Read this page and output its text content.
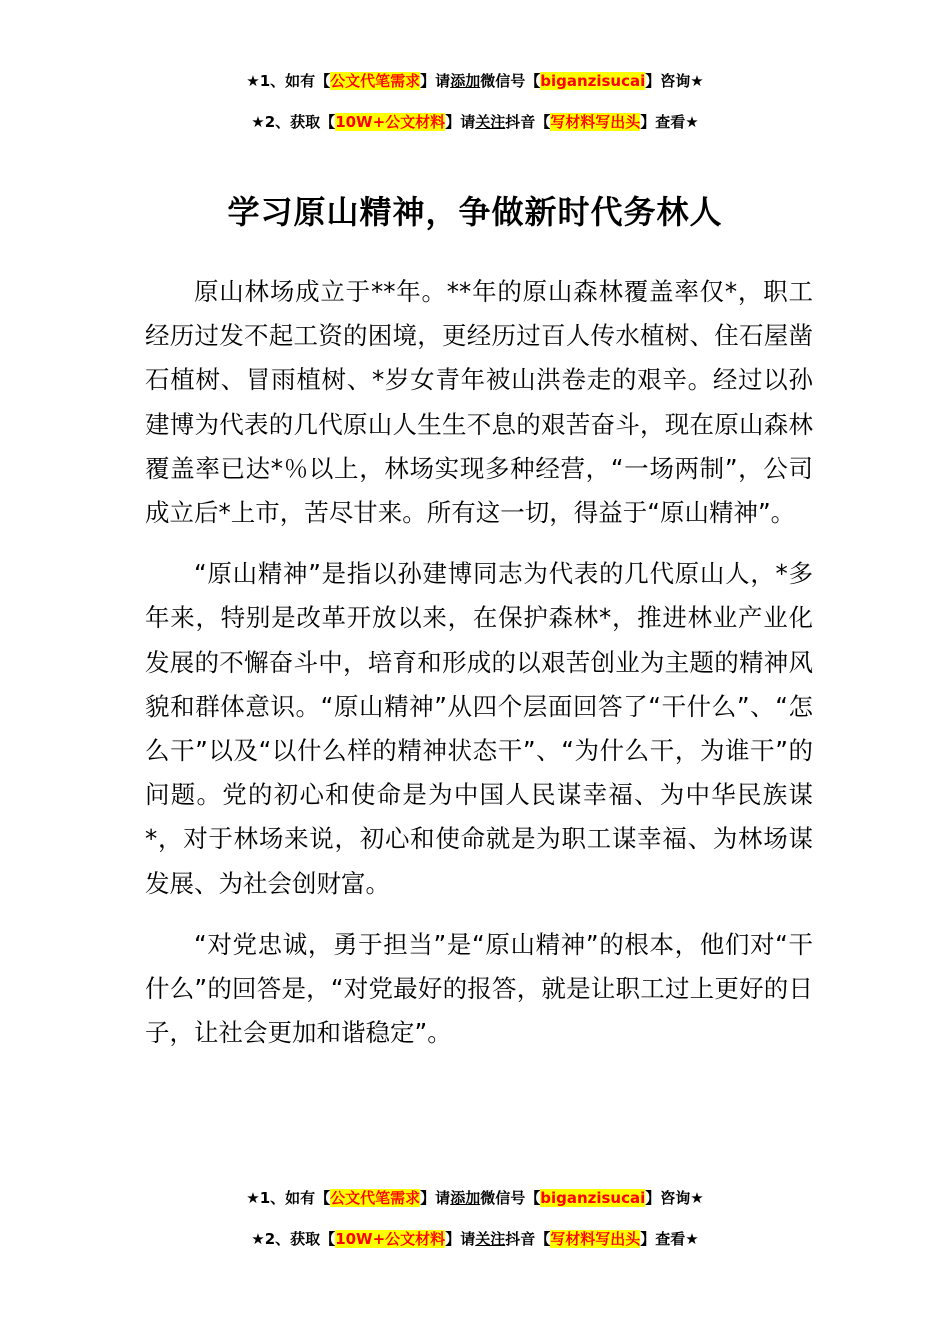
★1、如有【公文代笔需求】请添加微信号【biganzisucai】咨询★
★2、获取【10W+公文材料】请关注抖音【写材料写出头】查看★
学习原山精神，争做新时代务林人

原山林场成立于**年。**年的原山森林覆盖率仅*，职工经历过发不起工资的困境，更经历过百人传水植树、住石屋凿石植树、冒雨植树、*岁女青年被山洪卷走的艰辛。经过以孙建博为代表的几代原山人生生不息的艰苦奋斗，现在原山森林覆盖率已达*％以上，林场实现多种经营，“一场两制”，公司成立后*上市，苦尽甘来。所有这一切，得益于“原山精神”。

“原山精神”是指以孙建博同志为代表的几代原山人，*多年来，特别是改革开放以来，在保护森林*，推进林业产业化发展的不懈奋斗中，培育和形成的以艰苦创业为主题的精神风貌和群体意识。“原山精神”从四个层面回答了“干什么”、“怎么干”以及“以什么样的精神状态干”、“为什么干，为谁干”的问题。党的初心和使命是为中国人民谋幸福、为中华民族谋*，对于林场来说，初心和使命就是为职工谋幸福、为林场谋发展、为社会创财富。

“对党忠诚，勇于担当”是“原山精神”的根本，他们对“干什么”的回答是，“对党最好的报答，就是让职工过上更好的日子，让社会更加和谐稳定”。

★1、如有【公文代笔需求】请添加微信号【biganzisucai】咨询★
★2、获取【10W+公文材料】请关注抖音【写材料写出头】查看★
